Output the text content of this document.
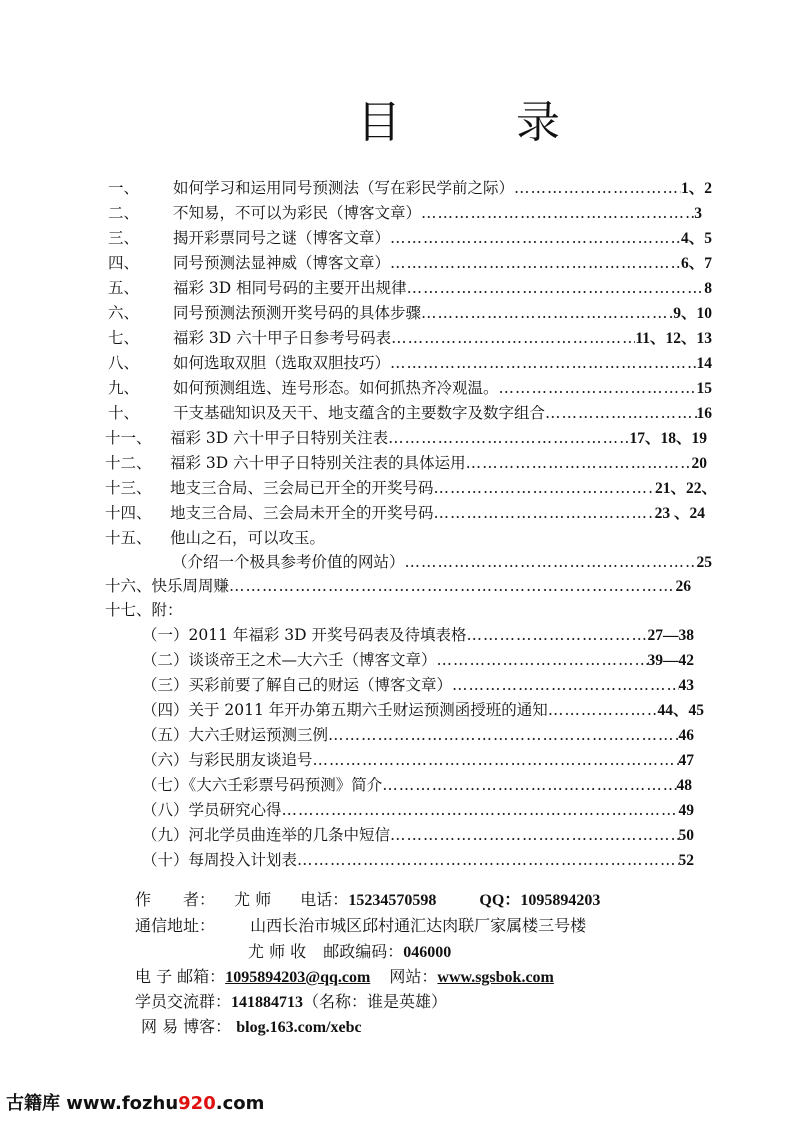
目	录
一、	如何学习和运用同号预测法（写在彩民学前之际） ……………………………………………………………………………………………………………………	1、2
二、	不知易，不可以为彩民（博客文章） ……………………………………………………………………………………………………………………	3
三、	揭开彩票同号之谜（博客文章） ……………………………………………………………………………………………………………………	4、5
四、	同号预测法显神威（博客文章） ……………………………………………………………………………………………………………………	6、7
五、	福彩 3D 相同号码的主要开出规律 ……………………………………………………………………………………………………………………	8
六、	同号预测法预测开奖号码的具体步骤 ……………………………………………………………………………………………………………………	9、10
七、	福彩 3D 六十甲子日参考号码表 ……………………………………………………………………………………………………………………	11、12、13
八、	如何选取双胆（选取双胆技巧） ……………………………………………………………………………………………………………………	14
九、	如何预测组选、连号形态。如何抓热齐冷观温。 ……………………………………………………………………………………………………………………	15
十、	干支基础知识及天干、地支蕴含的主要数字及数字组合 ……………………………………………………………………………………………………………………	16
十一、	福彩 3D 六十甲子日特别关注表 ……………………………………………………………………………………………………………………	17、18、19
十二、	福彩 3D 六十甲子日特别关注表的具体运用 ……………………………………………………………………………………………………………………	20
十三、	地支三合局、三会局已开全的开奖号码 ……………………………………………………………………………………………………………………	21、22、
十四、	地支三合局、三会局未开全的开奖号码 ……………………………………………………………………………………………………………………	23 、24
十五、	他山之石，可以攻玉。
（介绍一个极具参考价值的网站） ……………………………………………………………………………………………………………………	25
十六、快乐周周赚 ……………………………………………………………………………………………………………………	26
十七、附：
（一）2011 年福彩 3D 开奖号码表及待填表格 ……………………………………………………………………………………………………………………	27—38
（二）谈谈帝王之术—大六壬（博客文章） ……………………………………………………………………………………………………………………	39—42
（三）买彩前要了解自己的财运（博客文章） ……………………………………………………………………………………………………………………	43
（四）关于 2011 年开办第五期六壬财运预测函授班的通知 ……………………………………………………………………………………………………………………	44、45
（五）大六壬财运预测三例 ……………………………………………………………………………………………………………………	46
（六）与彩民朋友谈追号 ……………………………………………………………………………………………………………………	47
（七）《大六壬彩票号码预测》简介 ……………………………………………………………………………………………………………………	48
（八）学员研究心得 ……………………………………………………………………………………………………………………	49
（九）河北学员曲连举的几条中短信 ……………………………………………………………………………………………………………………	50
（十）每周投入计划表 ……………………………………………………………………………………………………………………	52
作　　者： 尤 师 电话：15234570598	QQ：1095894203
通信地址： 山西长治市城区邱村通汇达肉联厂家属楼三号楼
尤 师 收 邮政编码：046000
电 子 邮箱：1095894203@qq.com 网站：www.sgsbok.com
学员交流群：141884713（名称：谁是英雄）
网 易 博客： blog.163.com/xebc
古籍库 www.fozhu920.com
